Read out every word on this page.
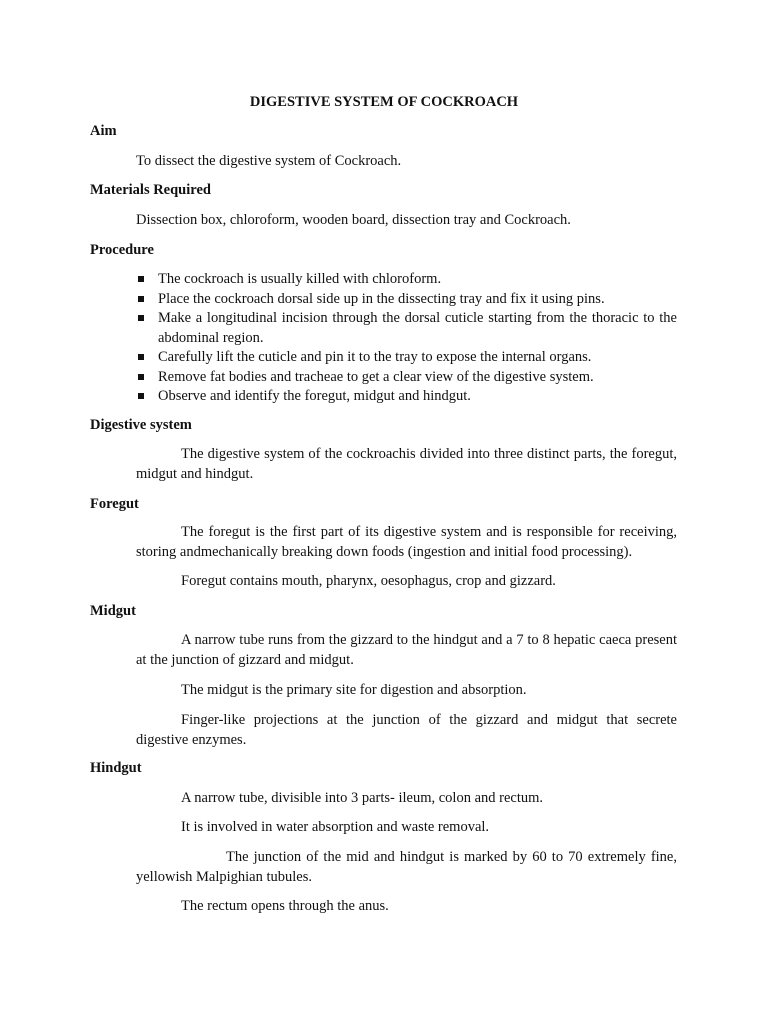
DIGESTIVE SYSTEM OF COCKROACH
Aim

To dissect the digestive system of Cockroach.

Materials Required

Dissection box, chloroform, wooden board, dissection tray and Cockroach.

Procedure
The cockroach is usually killed with chloroform.
Place the cockroach dorsal side up in the dissecting tray and fix it using pins.
Make a longitudinal incision through the dorsal cuticle starting from the thoracic to the abdominal region.
Carefully lift the cuticle and pin it to the tray to expose the internal organs.
Remove fat bodies and tracheae to get a clear view of the digestive system.
Observe and identify the foregut, midgut and hindgut.
Digestive system

The digestive system of the cockroachis divided into three distinct parts, the foregut, midgut and hindgut.

Foregut

The foregut is the first part of its digestive system and is responsible for receiving, storing andmechanically breaking down foods (ingestion and initial food processing).

Foregut contains mouth, pharynx, oesophagus, crop and gizzard.

Midgut

A narrow tube runs from the gizzard to the hindgut and a 7 to 8 hepatic caeca present at the junction of gizzard and midgut.

The midgut is the primary site for digestion and absorption.

Finger-like projections at the junction of the gizzard and midgut that secrete digestive enzymes.

Hindgut

A narrow tube, divisible into 3 parts- ileum, colon and rectum.

It is involved in water absorption and waste removal.

The junction of the mid and hindgut is marked by 60 to 70 extremely fine, yellowish Malpighian tubules.

The rectum opens through the anus.
